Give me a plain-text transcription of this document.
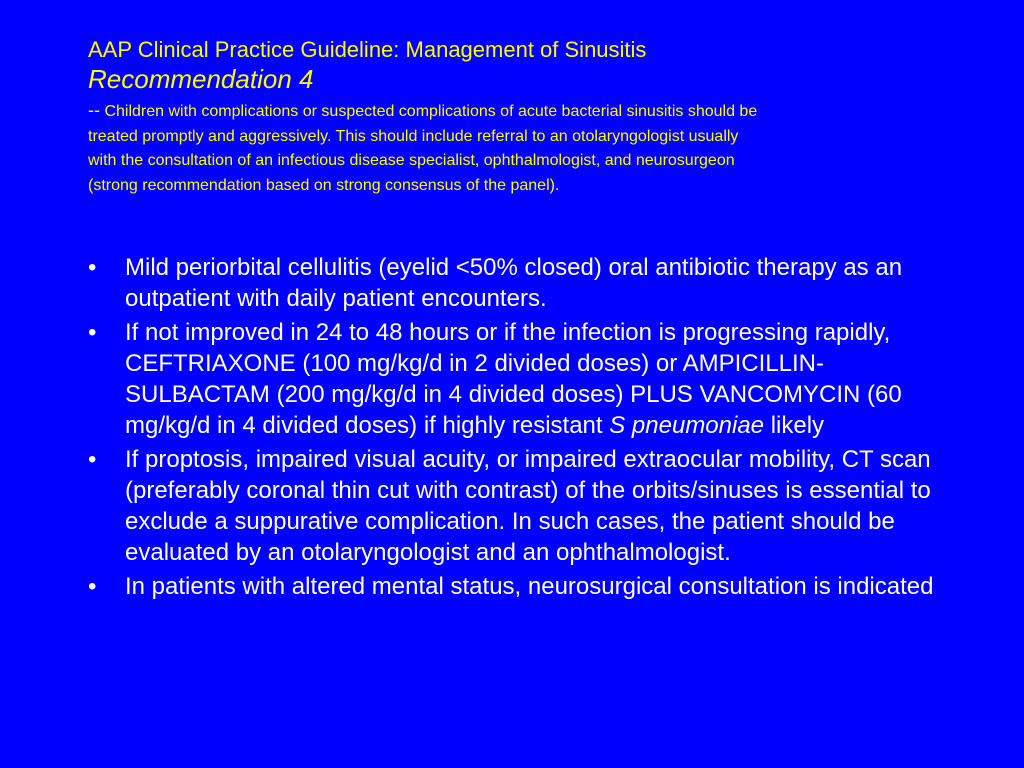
AAP Clinical Practice Guideline: Management of Sinusitis
Recommendation 4
-- Children with complications or suspected complications of acute bacterial sinusitis should be treated promptly and aggressively. This should include referral to an otolaryngologist usually with the consultation of an infectious disease specialist, ophthalmologist, and neurosurgeon (strong recommendation based on strong consensus of the panel).
• Mild periorbital cellulitis (eyelid <50% closed) oral antibiotic therapy as an outpatient with daily patient encounters.
• If not improved in 24 to 48 hours or if the infection is progressing rapidly, CEFTRIAXONE (100 mg/kg/d in 2 divided doses) or AMPICILLIN-SULBACTAM (200 mg/kg/d in 4 divided doses) PLUS VANCOMYCIN (60 mg/kg/d in 4 divided doses) if highly resistant S pneumoniae likely
• If proptosis, impaired visual acuity, or impaired extraocular mobility, CT scan (preferably coronal thin cut with contrast) of the orbits/sinuses is essential to exclude a suppurative complication. In such cases, the patient should be evaluated by an otolaryngologist and an ophthalmologist.
• In patients with altered mental status, neurosurgical consultation is indicated
